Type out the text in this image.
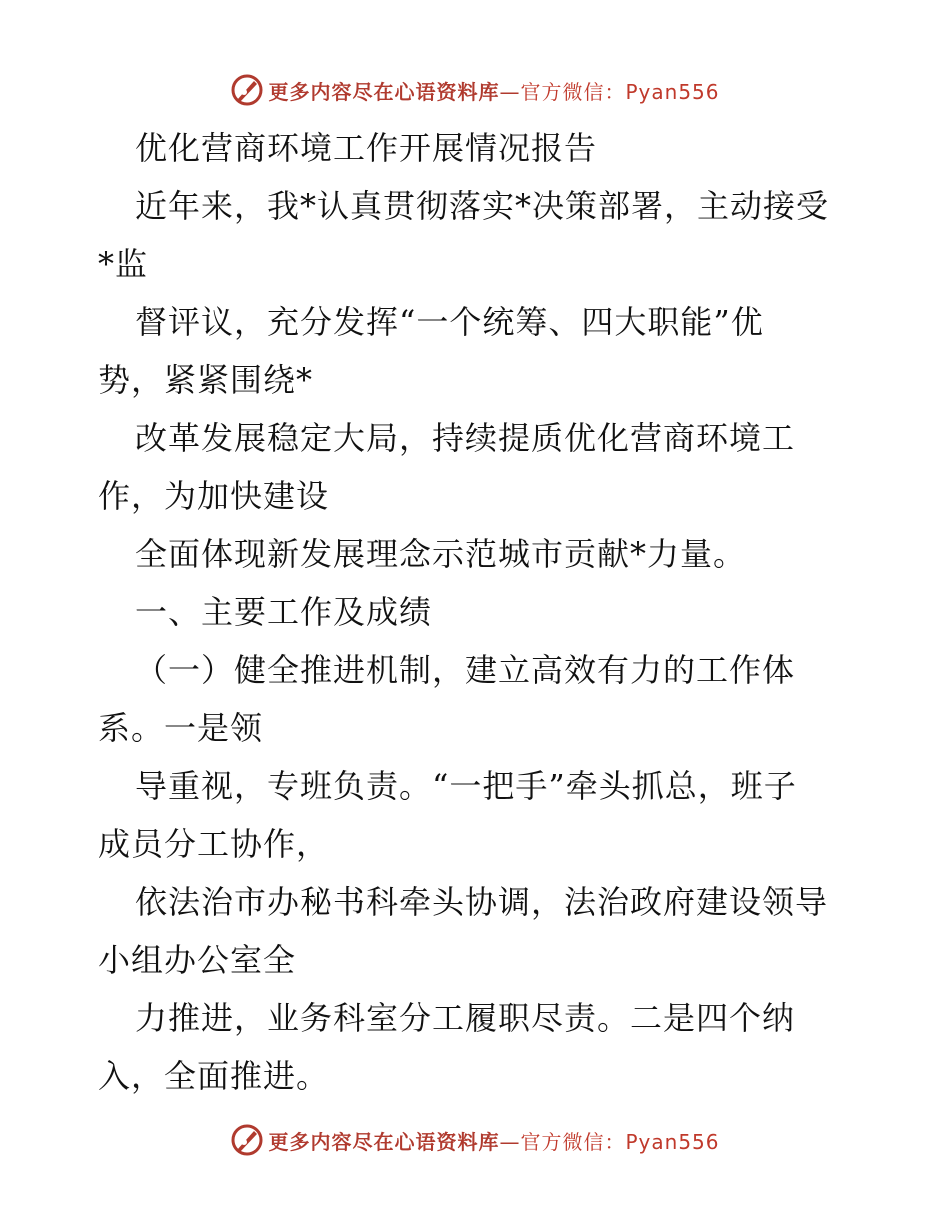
更多内容尽在心语资料库—官方微信：Pyan556
优化营商环境工作开展情况报告
近年来，我*认真贯彻落实*决策部署，主动接受
*监
督评议，充分发挥“一个统筹、四大职能”优
势，紧紧围绕*
改革发展稳定大局，持续提质优化营商环境工
作，为加快建设
全面体现新发展理念示范城市贡献*力量。
一、主要工作及成绩
（一）健全推进机制，建立高效有力的工作体
系。一是领
导重视，专班负责。“一把手”牵头抓总，班子
成员分工协作，
依法治市办秘书科牵头协调，法治政府建设领导
小组办公室全
力推进，业务科室分工履职尽责。二是四个纳
入，全面推进。
更多内容尽在心语资料库—官方微信：Pyan556
